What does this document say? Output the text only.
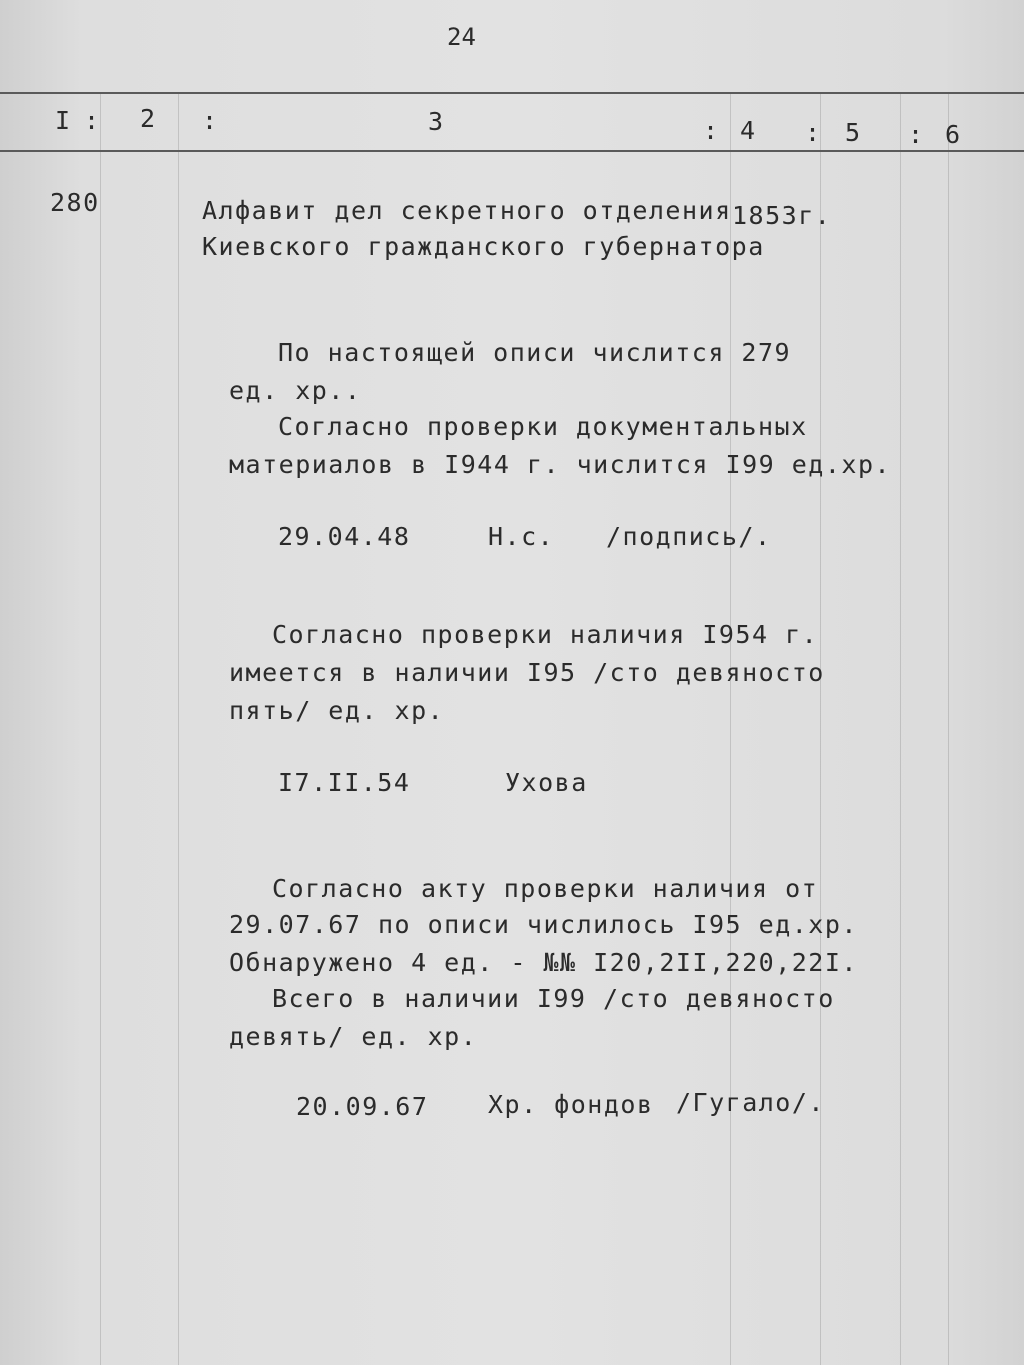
24
I : 2 :	3	: 4 : 5 : 6
280	Алфавит дел секретного отделения 1853г.
Киевского гражданского губернатора
По настоящей описи числится 279
ед. хр..
Согласно проверки документальных
материалов в I944 г. числится I99 ед.хр.
29.04.48	Н.с. /подпись/.
Согласно проверки наличия I954 г.
имеется в наличии I95 /сто девяносто
пять/ ед. хр.
I7.II.54	Ухова
Согласно акту проверки наличия от
29.07.67 по описи числилось I95 ед.хр.
Обнаружено 4 ед. - №№ I20,2II,220,22I.
Всего в наличии I99 /сто девяносто
девять/ ед. хр.
20.09.67 Хр. фондов /Гугало/.
